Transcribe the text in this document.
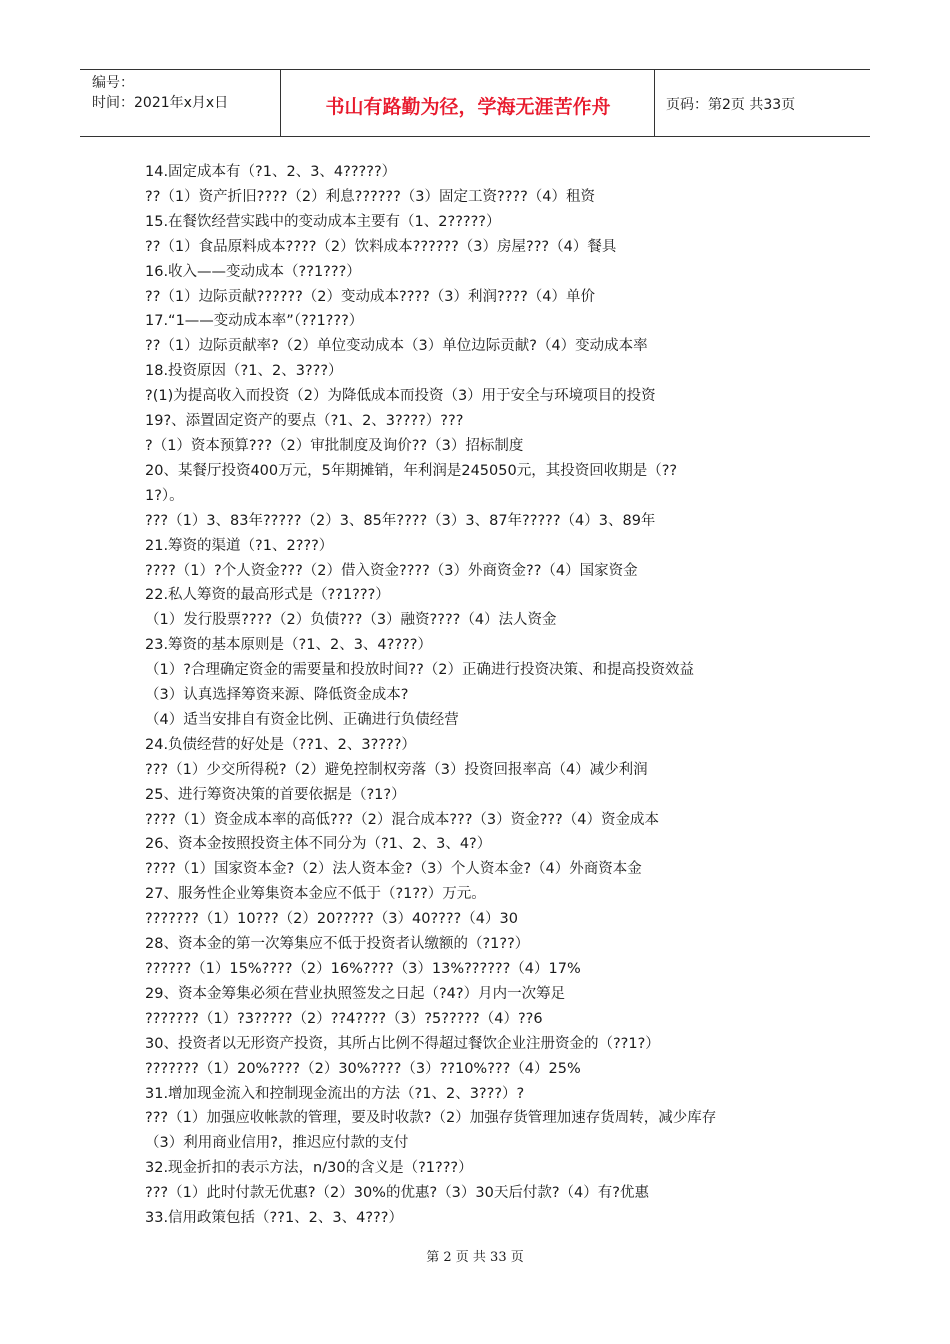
编号：
时间：2021年x月x日	书山有路勤为径，学海无涯苦作舟	页码：第2页 共33页
14.固定成本有（?1、2、3、4?????）
??（1）资产折旧????（2）利息??????（3）固定工资????（4）租资
15.在餐饮经营实践中的变动成本主要有（1、2?????）
??（1）食品原料成本????（2）饮料成本??????（3）房屋???（4）餐具
16.收入——变动成本（??1???）
??（1）边际贡献??????（2）变动成本????（3）利润????（4）单价
17.“1——变动成本率”（??1???）
??（1）边际贡献率?（2）单位变动成本（3）单位边际贡献?（4）变动成本率
18.投资原因（?1、2、3???）
?(1)为提高收入而投资（2）为降低成本而投资（3）用于安全与环境项目的投资
19?、添置固定资产的要点（?1、2、3????）???
?（1）资本预算???（2）审批制度及询价??（3）招标制度
20、某餐厅投资400万元，5年期摊销，年利润是245050元，其投资回收期是（??
1?）。
???（1）3、83年?????（2）3、85年????（3）3、87年?????（4）3、89年
21.筹资的渠道（?1、2???）
????（1）?个人资金???（2）借入资金????（3）外商资金??（4）国家资金
22.私人筹资的最高形式是（??1???）
（1）发行股票????（2）负债???（3）融资????（4）法人资金
23.筹资的基本原则是（?1、2、3、4????）
（1）?合理确定资金的需要量和投放时间??（2）正确进行投资决策、和提高投资效益
（3）认真选择筹资来源、降低资金成本?
（4）适当安排自有资金比例、正确进行负债经营
24.负债经营的好处是（??1、2、3????）
???（1）少交所得税?（2）避免控制权旁落（3）投资回报率高（4）减少利润
25、进行筹资决策的首要依据是（?1?）
????（1）资金成本率的高低???（2）混合成本???（3）资金???（4）资金成本
26、资本金按照投资主体不同分为（?1、2、3、4?）
????（1）国家资本金?（2）法人资本金?（3）个人资本金?（4）外商资本金
27、服务性企业筹集资本金应不低于（?1??）万元。
???????（1）10???（2）20?????（3）40????（4）30
28、资本金的第一次筹集应不低于投资者认缴额的（?1??）
??????（1）15%????（2）16%????（3）13%??????（4）17%
29、资本金筹集必须在营业执照签发之日起（?4?）月内一次筹足
???????（1）?3?????（2）??4????（3）?5?????（4）??6
30、投资者以无形资产投资，其所占比例不得超过餐饮企业注册资金的（??1?）
???????（1）20%????（2）30%????（3）??10%???（4）25%
31.增加现金流入和控制现金流出的方法（?1、2、3???）?
???（1）加强应收帐款的管理，要及时收款?（2）加强存货管理加速存货周转，减少库存
（3）利用商业信用?，推迟应付款的支付
32.现金折扣的表示方法，n/30的含义是（?1???）
???（1）此时付款无优惠?（2）30%的优惠?（3）30天后付款?（4）有?优惠
33.信用政策包括（??1、2、3、4???）
第 2 页 共 33 页
